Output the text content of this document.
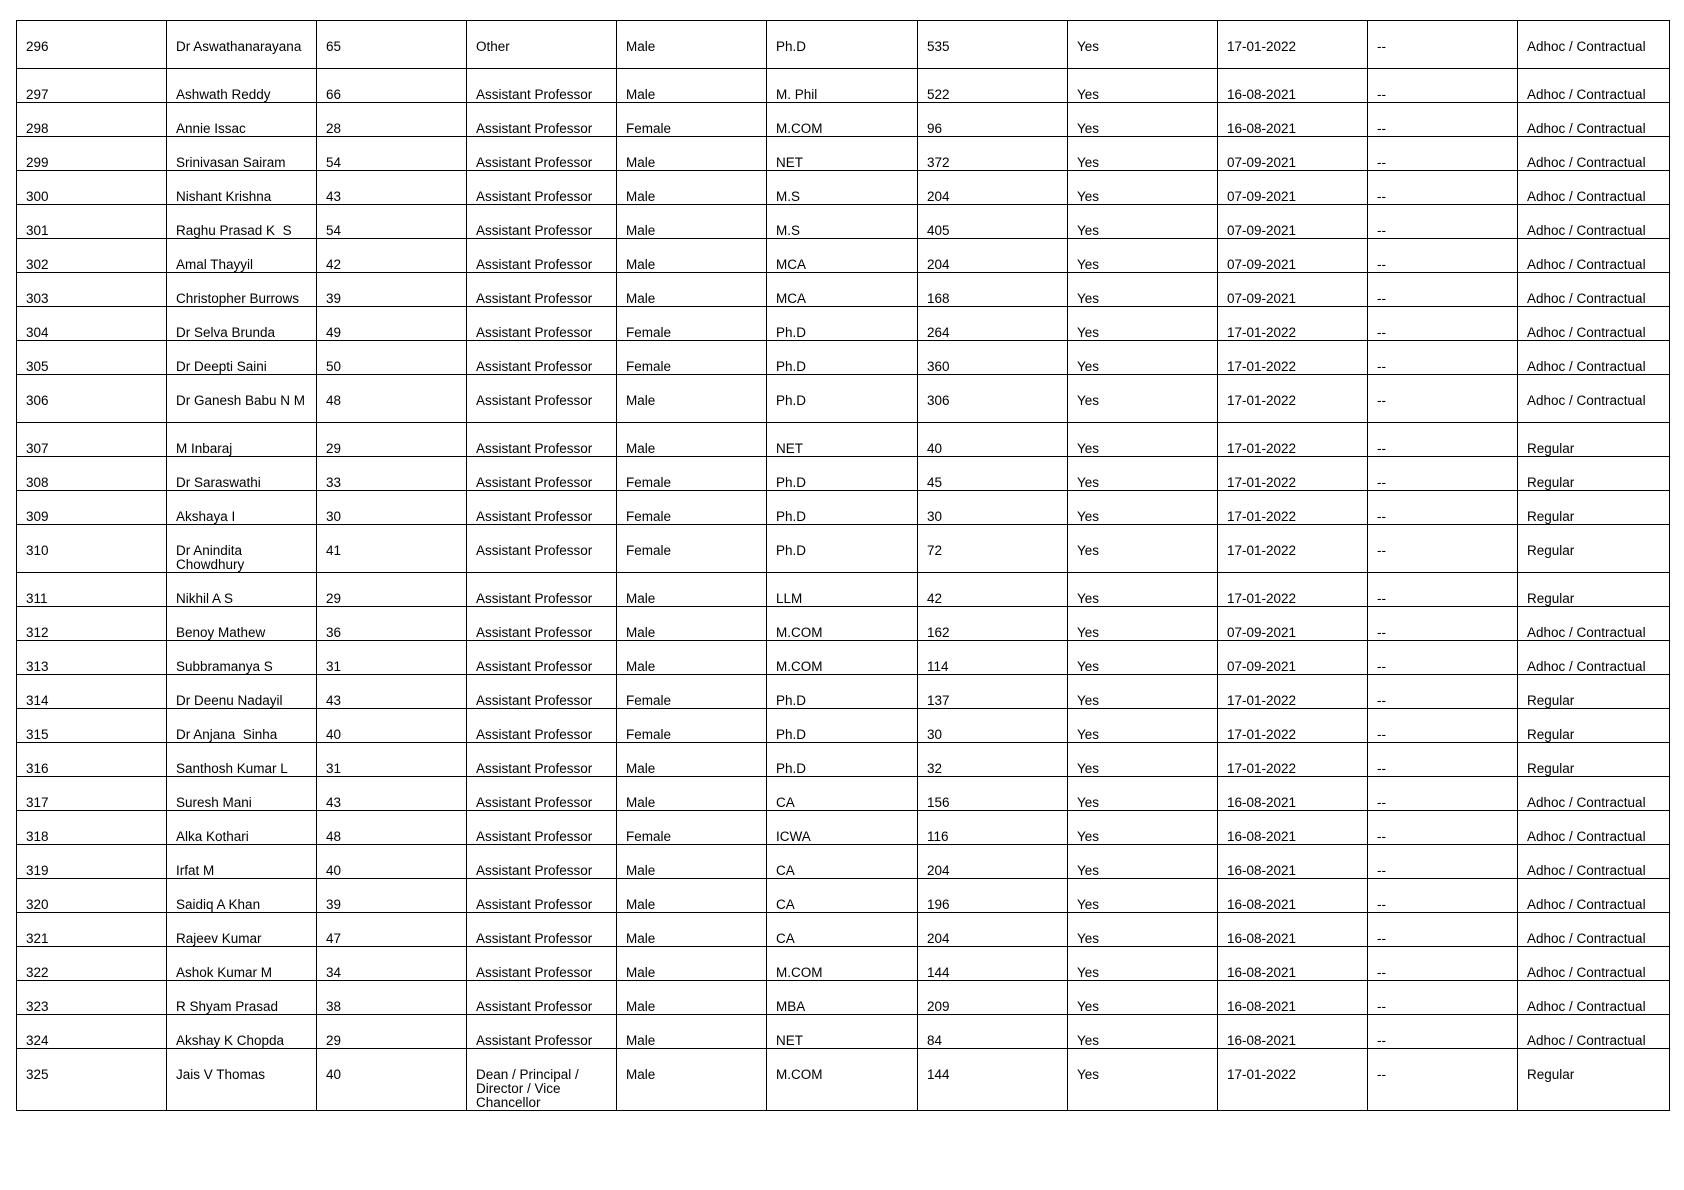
296	Dr Aswathanarayana	65	Other	Male	Ph.D	535	Yes	17-01-2022	--	Adhoc / Contractual
297	Ashwath Reddy	66	Assistant Professor	Male	M. Phil	522	Yes	16-08-2021	--	Adhoc / Contractual
298	Annie Issac	28	Assistant Professor	Female	M.COM	96	Yes	16-08-2021	--	Adhoc / Contractual
299	Srinivasan Sairam	54	Assistant Professor	Male	NET	372	Yes	07-09-2021	--	Adhoc / Contractual
300	Nishant Krishna	43	Assistant Professor	Male	M.S	204	Yes	07-09-2021	--	Adhoc / Contractual
301	Raghu Prasad K  S	54	Assistant Professor	Male	M.S	405	Yes	07-09-2021	--	Adhoc / Contractual
302	Amal Thayyil	42	Assistant Professor	Male	MCA	204	Yes	07-09-2021	--	Adhoc / Contractual
303	Christopher Burrows	39	Assistant Professor	Male	MCA	168	Yes	07-09-2021	--	Adhoc / Contractual
304	Dr Selva Brunda	49	Assistant Professor	Female	Ph.D	264	Yes	17-01-2022	--	Adhoc / Contractual
305	Dr Deepti Saini	50	Assistant Professor	Female	Ph.D	360	Yes	17-01-2022	--	Adhoc / Contractual
306	Dr Ganesh Babu N M	48	Assistant Professor	Male	Ph.D	306	Yes	17-01-2022	--	Adhoc / Contractual
307	M Inbaraj	29	Assistant Professor	Male	NET	40	Yes	17-01-2022	--	Regular
308	Dr Saraswathi	33	Assistant Professor	Female	Ph.D	45	Yes	17-01-2022	--	Regular
309	Akshaya I	30	Assistant Professor	Female	Ph.D	30	Yes	17-01-2022	--	Regular
310	Dr Anindita Chowdhury	41	Assistant Professor	Female	Ph.D	72	Yes	17-01-2022	--	Regular
311	Nikhil A S	29	Assistant Professor	Male	LLM	42	Yes	17-01-2022	--	Regular
312	Benoy Mathew	36	Assistant Professor	Male	M.COM	162	Yes	07-09-2021	--	Adhoc / Contractual
313	Subbramanya S	31	Assistant Professor	Male	M.COM	114	Yes	07-09-2021	--	Adhoc / Contractual
314	Dr Deenu Nadayil	43	Assistant Professor	Female	Ph.D	137	Yes	17-01-2022	--	Regular
315	Dr Anjana  Sinha	40	Assistant Professor	Female	Ph.D	30	Yes	17-01-2022	--	Regular
316	Santhosh Kumar L	31	Assistant Professor	Male	Ph.D	32	Yes	17-01-2022	--	Regular
317	Suresh Mani	43	Assistant Professor	Male	CA	156	Yes	16-08-2021	--	Adhoc / Contractual
318	Alka Kothari	48	Assistant Professor	Female	ICWA	116	Yes	16-08-2021	--	Adhoc / Contractual
319	Irfat M	40	Assistant Professor	Male	CA	204	Yes	16-08-2021	--	Adhoc / Contractual
320	Saidiq A Khan	39	Assistant Professor	Male	CA	196	Yes	16-08-2021	--	Adhoc / Contractual
321	Rajeev Kumar	47	Assistant Professor	Male	CA	204	Yes	16-08-2021	--	Adhoc / Contractual
322	Ashok Kumar M	34	Assistant Professor	Male	M.COM	144	Yes	16-08-2021	--	Adhoc / Contractual
323	R Shyam Prasad	38	Assistant Professor	Male	MBA	209	Yes	16-08-2021	--	Adhoc / Contractual
324	Akshay K Chopda	29	Assistant Professor	Male	NET	84	Yes	16-08-2021	--	Adhoc / Contractual
325	Jais V Thomas	40	Dean / Principal / Director / Vice Chancellor	Male	M.COM	144	Yes	17-01-2022	--	Regular
